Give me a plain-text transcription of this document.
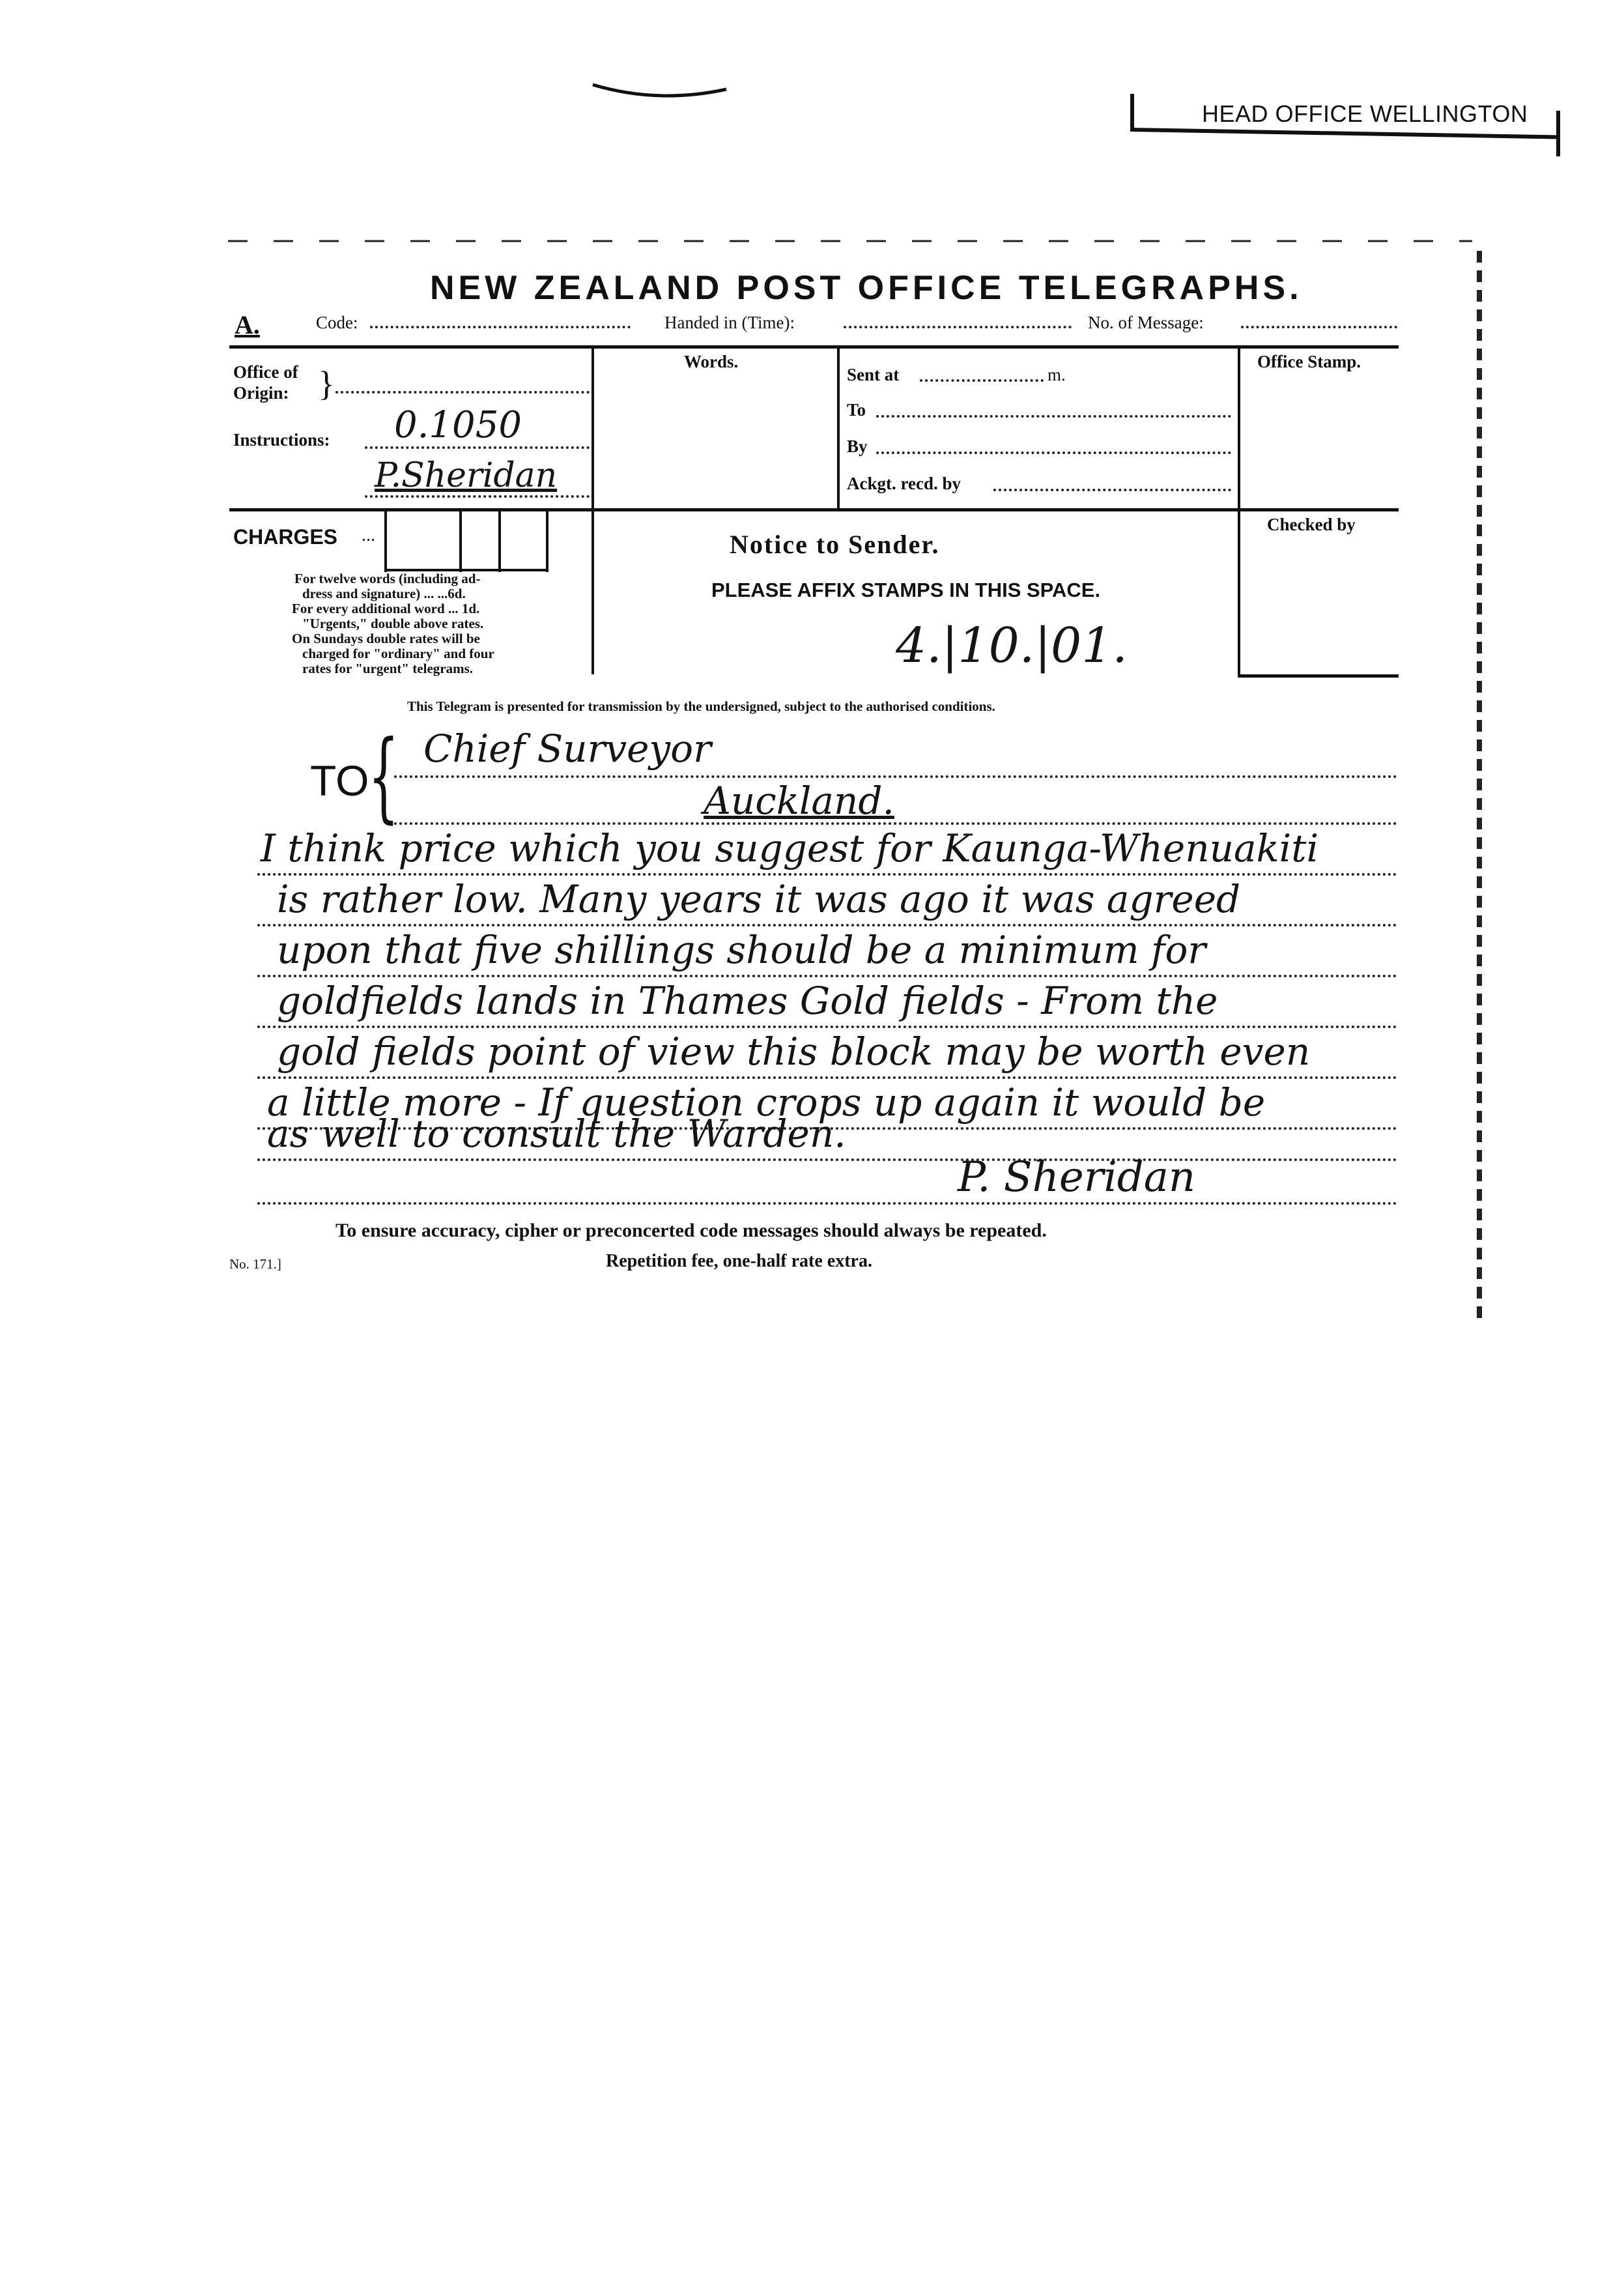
HEAD OFFICE WELLINGTON
NEW ZEALAND POST OFFICE TELEGRAPHS.
A.	Code:	Handed in (Time):	No. of Message:
Office of
Origin: }
Instructions: 0.1050
P.Sheridan
Words.
Sent at	m.
To
By
Ackgt. recd. by
Office Stamp.
Checked by
CHARGES ...
For twelve words (including ad-
dress and signature) ... ...6d.
For every additional word ... 1d.
"Urgents," double above rates.
On Sundays double rates will be
charged for "ordinary" and four
rates for "urgent" telegrams.
Notice to Sender.
PLEASE AFFIX STAMPS IN THIS SPACE.
4.|10.|01.
This Telegram is presented for transmission by the undersigned, subject to the authorised conditions.
TO
{ Chief Surveyor
Auckland.
I think price which you suggest for Kaunga-Whenuakiti
is rather low. Many years it was ago it was agreed
upon that five shillings should be a minimum for
goldfields lands in Thames Gold fields - From the
gold fields point of view this block may be worth even
a little more - If question crops up again it would be
as well to consult the Warden.
P. Sheridan
To ensure accuracy, cipher or preconcerted code messages should always be repeated.
No. 171.]	Repetition fee, one-half rate extra.
